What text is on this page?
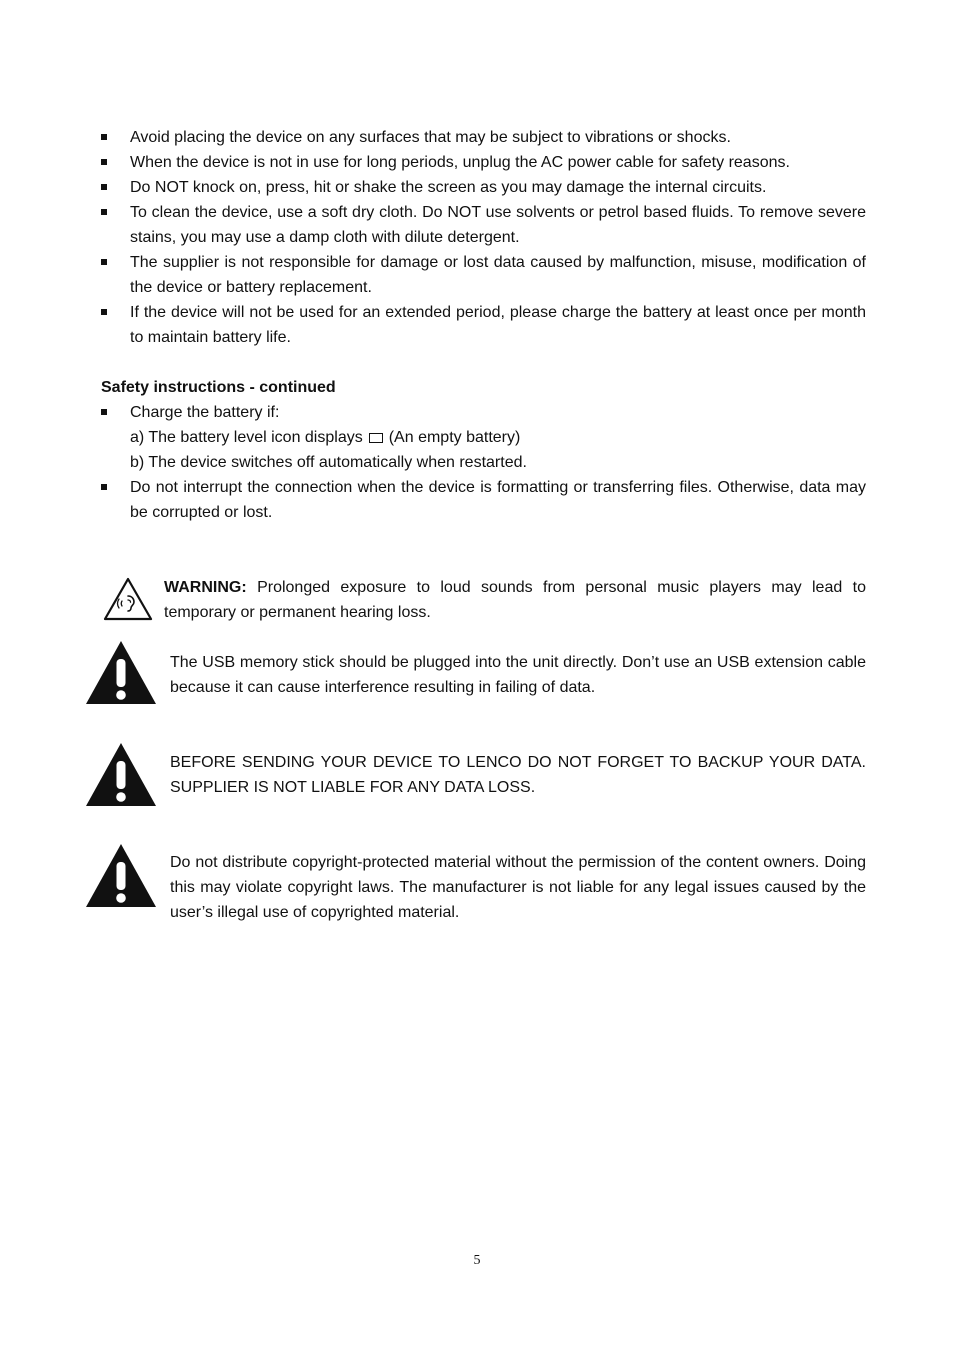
Avoid placing the device on any surfaces that may be subject to vibrations or shocks.
When the device is not in use for long periods, unplug the AC power cable for safety reasons.
Do NOT knock on, press, hit or shake the screen as you may damage the internal circuits.
To clean the device, use a soft dry cloth. Do NOT use solvents or petrol based fluids. To remove severe stains, you may use a damp cloth with dilute detergent.
The supplier is not responsible for damage or lost data caused by malfunction, misuse, modification of the device or battery replacement.
If the device will not be used for an extended period, please charge the battery at least once per month to maintain battery life.

Safety instructions - continued

Charge the battery if:
a) The battery level icon displays (An empty battery)
b) The device switches off automatically when restarted.
Do not interrupt the connection when the device is formatting or transferring files. Otherwise, data may be corrupted or lost.
WARNING: Prolonged exposure to loud sounds from personal music players may lead to temporary or permanent hearing loss.
The USB memory stick should be plugged into the unit directly. Don’t use an USB extension cable because it can cause interference resulting in failing of data.
BEFORE SENDING YOUR DEVICE TO LENCO DO NOT FORGET TO BACKUP YOUR DATA. SUPPLIER IS NOT LIABLE FOR ANY DATA LOSS.
Do not distribute copyright-protected material without the permission of the content owners. Doing this may violate copyright laws. The manufacturer is not liable for any legal issues caused by the user’s illegal use of copyrighted material.
5
